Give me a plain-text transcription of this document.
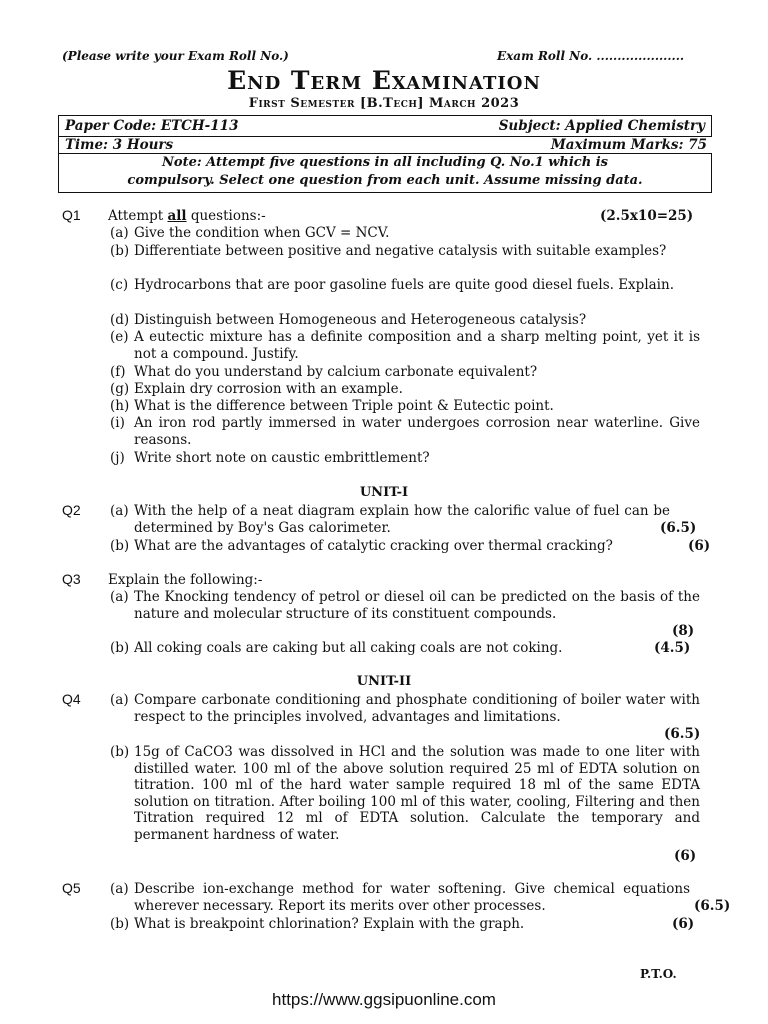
(Please write your Exam Roll No.)	Exam Roll No. .....................
End Term Examination
First Semester [B.Tech] March 2023
Paper Code: ETCH-113	Subject: Applied Chemistry
Time: 3 Hours	Maximum Marks: 75
Note: Attempt five questions in all including Q. No.1 which is
compulsory. Select one question from each unit. Assume missing data.
Q1 Attempt all questions:-	(2.5x10=25)
(a) Give the condition when GCV = NCV.
(b) Differentiate between positive and negative catalysis with suitable examples?
(c) Hydrocarbons that are poor gasoline fuels are quite good diesel fuels. Explain.
(d) Distinguish between Homogeneous and Heterogeneous catalysis?
(e) A eutectic mixture has a definite composition and a sharp melting point, yet it is not a compound. Justify.
(f) What do you understand by calcium carbonate equivalent?
(g) Explain dry corrosion with an example.
(h) What is the difference between Triple point & Eutectic point.
(i) An iron rod partly immersed in water undergoes corrosion near waterline. Give reasons.
(j) Write short note on caustic embrittlement?
UNIT-I
Q2 (a) With the help of a neat diagram explain how the calorific value of fuel can be determined by Boy's Gas calorimeter.	(6.5)
(b) What are the advantages of catalytic cracking over thermal cracking?	(6)
Q3 Explain the following:-
(a) The Knocking tendency of petrol or diesel oil can be predicted on the basis of the nature and molecular structure of its constituent compounds.
(8)
(b) All coking coals are caking but all caking coals are not coking.	(4.5)
UNIT-II
Q4 (a) Compare carbonate conditioning and phosphate conditioning of boiler water with respect to the principles involved, advantages and limitations.
(6.5)
(b) 15g of CaCO3 was dissolved in HCl and the solution was made to one liter with distilled water. 100 ml of the above solution required 25 ml of EDTA solution on titration. 100 ml of the hard water sample required 18 ml of the same EDTA solution on titration. After boiling 100 ml of this water, cooling, Filtering and then Titration required 12 ml of EDTA solution. Calculate the temporary and permanent hardness of water.
(6)
Q5 (a) Describe ion-exchange method for water softening. Give chemical equations wherever necessary. Report its merits over other processes.	(6.5)
(b) What is breakpoint chlorination? Explain with the graph.	(6)
P.T.O.
https://www.ggsipuonline.com
